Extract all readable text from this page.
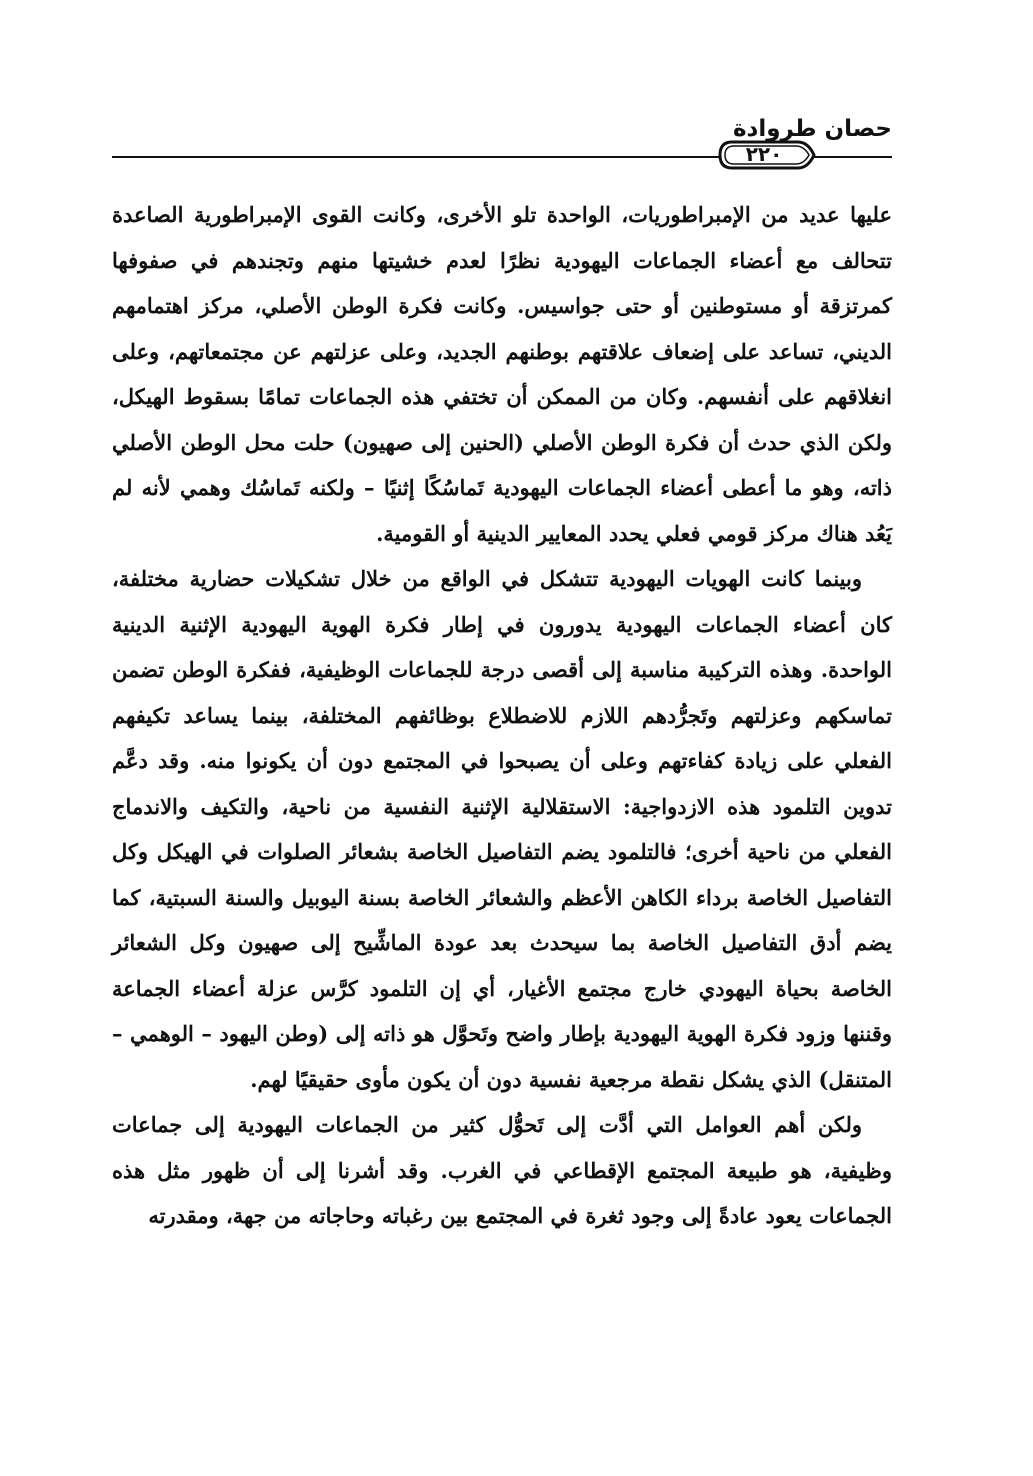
حصان طروادة
٢٢٠

عليها عديد من الإمبراطوريات، الواحدة تلو الأخرى، وكانت القوى الإمبراطورية الصاعدة تتحالف مع أعضاء الجماعات اليهودية نظرًا لعدم خشيتها منهم وتجندهم في صفوفها كمرتزقة أو مستوطنين أو حتى جواسيس. وكانت فكرة الوطن الأصلي، مركز اهتمامهم الديني، تساعد على إضعاف علاقتهم بوطنهم الجديد، وعلى عزلتهم عن مجتمعاتهم، وعلى انغلاقهم على أنفسهم. وكان من الممكن أن تختفي هذه الجماعات تمامًا بسقوط الهيكل، ولكن الذي حدث أن فكرة الوطن الأصلي (الحنين إلى صهيون) حلت محل الوطن الأصلي ذاته، وهو ما أعطى أعضاء الجماعات اليهودية تَماسُكًا إثنيًا – ولكنه تَماسُك وهمي لأنه لم يَعُد هناك مركز قومي فعلي يحدد المعايير الدينية أو القومية.

وبينما كانت الهويات اليهودية تتشكل في الواقع من خلال تشكيلات حضارية مختلفة، كان أعضاء الجماعات اليهودية يدورون في إطار فكرة الهوية اليهودية الإثنية الدينية الواحدة. وهذه التركيبة مناسبة إلى أقصى درجة للجماعات الوظيفية، ففكرة الوطن تضمن تماسكهم وعزلتهم وتَجرُّدهم اللازم للاضطلاع بوظائفهم المختلفة، بينما يساعد تكيفهم الفعلي على زيادة كفاءتهم وعلى أن يصبحوا في المجتمع دون أن يكونوا منه. وقد دعَّم تدوين التلمود هذه الازدواجية: الاستقلالية الإثنية النفسية من ناحية، والتكيف والاندماج الفعلي من ناحية أخرى؛ فالتلمود يضم التفاصيل الخاصة بشعائر الصلوات في الهيكل وكل التفاصيل الخاصة برداء الكاهن الأعظم والشعائر الخاصة بسنة اليوبيل والسنة السبتية، كما يضم أدق التفاصيل الخاصة بما سيحدث بعد عودة الماشِّيح إلى صهيون وكل الشعائر الخاصة بحياة اليهودي خارج مجتمع الأغيار، أي إن التلمود كرَّس عزلة أعضاء الجماعة وقننها وزود فكرة الهوية اليهودية بإطار واضح وتَحوَّل هو ذاته إلى (وطن اليهود – الوهمي – المتنقل) الذي يشكل نقطة مرجعية نفسية دون أن يكون مأوى حقيقيًا لهم.

ولكن أهم العوامل التي أدَّت إلى تَحوُّل كثير من الجماعات اليهودية إلى جماعات وظيفية، هو طبيعة المجتمع الإقطاعي في الغرب. وقد أشرنا إلى أن ظهور مثل هذه الجماعات يعود عادةً إلى وجود ثغرة في المجتمع بين رغباته وحاجاته من جهة، ومقدرته
